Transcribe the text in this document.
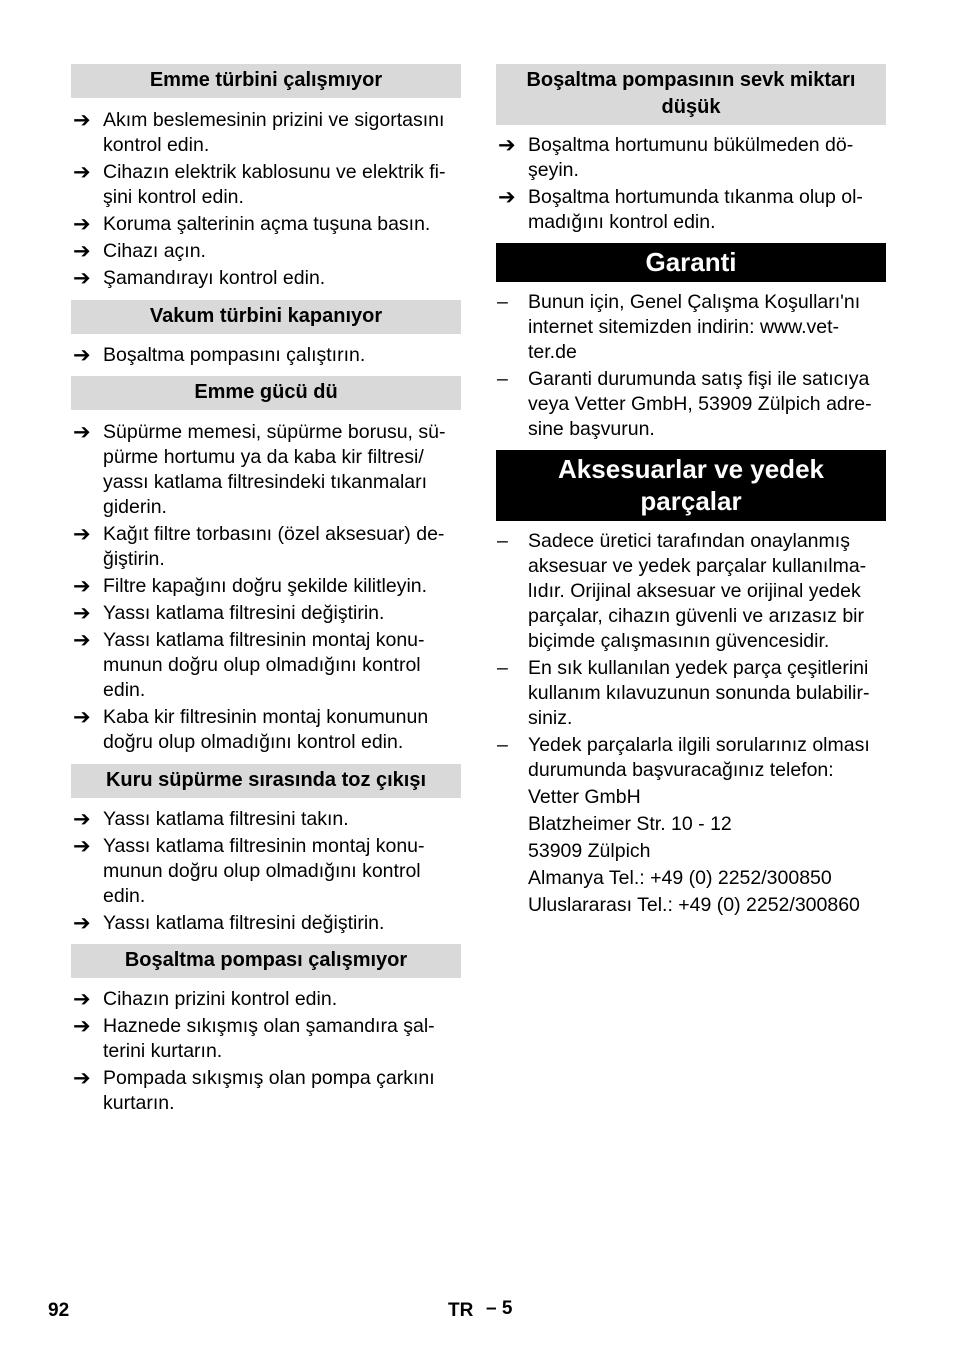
Emme türbini çalışmıyor
➔ Akım beslemesinin prizini ve sigortasını kontrol edin.
➔ Cihazın elektrik kablosunu ve elektrik fi-şini kontrol edin.
➔ Koruma şalterinin açma tuşuna basın.
➔ Cihazı açın.
➔ Şamandırayı kontrol edin.
Vakum türbini kapanıyor
➔ Boşaltma pompasını çalıştırın.
Emme gücü dü
➔ Süpürme memesi, süpürme borusu, sü-pürme hortumu ya da kaba kir filtresi/ yassı katlama filtresindeki tıkanmaları giderin.
➔ Kağıt filtre torbasını (özel aksesuar) de-ğiştirin.
➔ Filtre kapağını doğru şekilde kilitleyin.
➔ Yassı katlama filtresini değiştirin.
➔ Yassı katlama filtresinin montaj konu-munun doğru olup olmadığını kontrol edin.
➔ Kaba kir filtresinin montaj konumunun doğru olup olmadığını kontrol edin.
Kuru süpürme sırasında toz çıkışı
➔ Yassı katlama filtresini takın.
➔ Yassı katlama filtresinin montaj konu-munun doğru olup olmadığını kontrol edin.
➔ Yassı katlama filtresini değiştirin.
Boşaltma pompası çalışmıyor
➔ Cihazın prizini kontrol edin.
➔ Haznede sıkışmış olan şamandıra şal-terini kurtarın.
➔ Pompada sıkışmış olan pompa çarkını kurtarın.
Boşaltma pompasının sevk miktarı düşük
➔ Boşaltma hortumunu bükülmeden dö-şeyin.
➔ Boşaltma hortumunda tıkanma olup ol-madığını kontrol edin.
Garanti
–	Bunun için, Genel Çalışma Koşulları'nı internet sitemizden indirin: www.vet-ter.de
–	Garanti durumunda satış fişi ile satıcıya veya Vetter GmbH, 53909 Zülpich adre-sine başvurun.
Aksesuarlar ve yedek parçalar
–	Sadece üretici tarafından onaylanmış aksesuar ve yedek parçalar kullanılma-lıdır. Orijinal aksesuar ve orijinal yedek parçalar, cihazın güvenli ve arızasız bir biçimde çalışmasının güvencesidir.
–	En sık kullanılan yedek parça çeşitlerini kullanım kılavuzunun sonunda bulabilir-siniz.
–	Yedek parçalarla ilgili sorularınız olması durumunda başvuracağınız telefon:
Vetter GmbH
Blatzheimer Str. 10 - 12
53909 Zülpich
Almanya Tel.: +49 (0) 2252/300850
Uluslararası Tel.: +49 (0) 2252/300860
92	TR – 5
